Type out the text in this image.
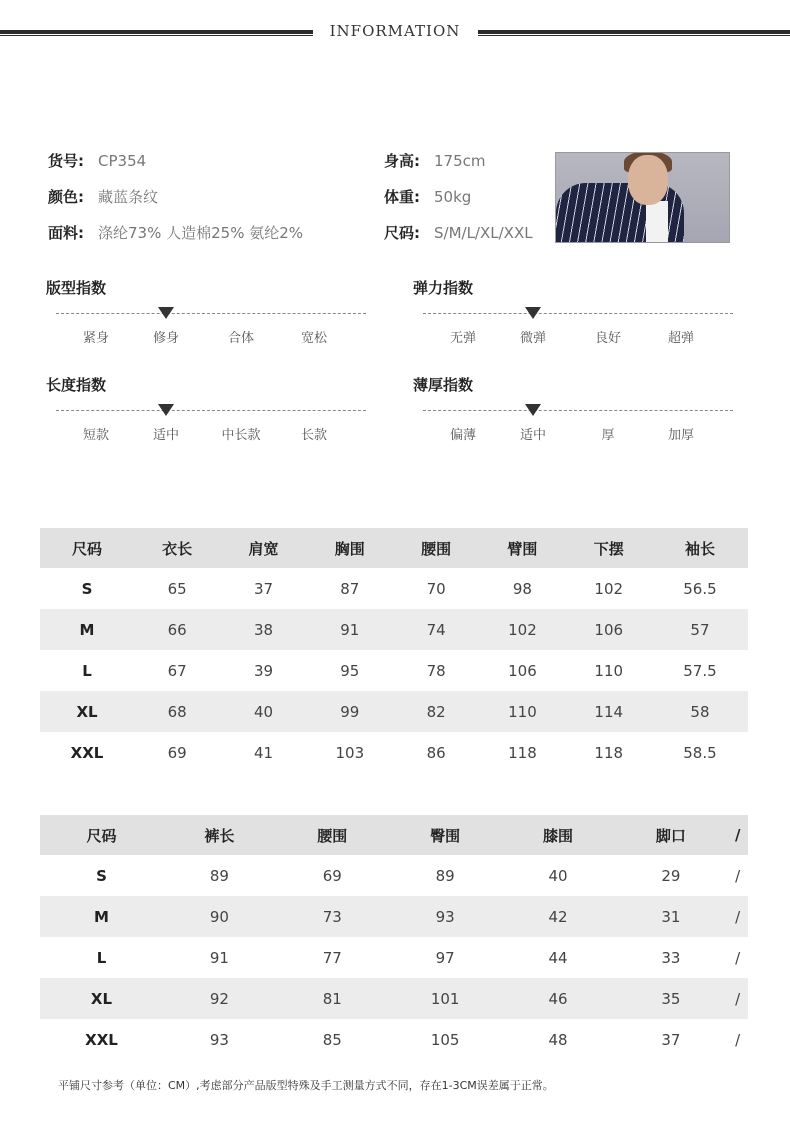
INFORMATION
货号: CP354
颜色: 藏蓝条纹
面料: 涤纶73% 人造棉25% 氨纶2%
身高: 175cm
体重: 50kg
尺码: S/M/L/XL/XXL
版型指数
紧身	修身	合体	宽松
弹力指数
无弹	微弹	良好	超弹
长度指数
短款	适中	中长款	长款
薄厚指数
偏薄	适中	厚	加厚
尺码	衣长	肩宽	胸围	腰围	臂围	下摆	袖长
S	65	37	87	70	98	102	56.5
M	66	38	91	74	102	106	57
L	67	39	95	78	106	110	57.5
XL	68	40	99	82	110	114	58
XXL	69	41	103	86	118	118	58.5
尺码	裤长	腰围	臀围	膝围	脚口	/
S	89	69	89	40	29	/
M	90	73	93	42	31	/
L	91	77	97	44	33	/
XL	92	81	101	46	35	/
XXL	93	85	105	48	37	/
平铺尺寸参考（单位：CM）,考虑部分产品版型特殊及手工测量方式不同，存在1-3CM误差属于正常。
